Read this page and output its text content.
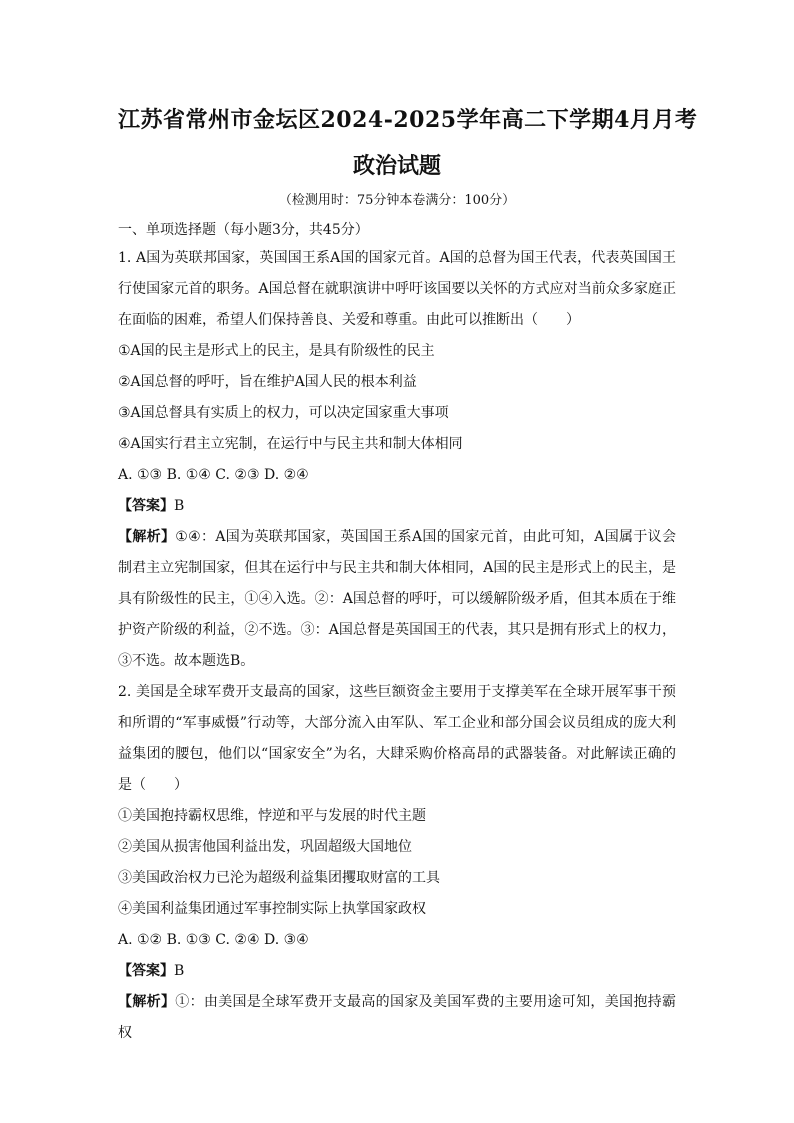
江苏省常州市金坛区2024-2025学年高二下学期4月月考
政治试题
（检测用时：75分钟本卷满分：100分）
一、单项选择题（每小题3分，共45分）

1. A国为英联邦国家，英国国王系A国的国家元首。A国的总督为国王代表，代表英国国王行使国家元首的职务。A国总督在就职演讲中呼吁该国要以关怀的方式应对当前众多家庭正在面临的困难，希望人们保持善良、关爱和尊重。由此可以推断出（　　）

①A国的民主是形式上的民主，是具有阶级性的民主

②A国总督的呼吁，旨在维护A国人民的根本利益

③A国总督具有实质上的权力，可以决定国家重大事项

④A国实行君主立宪制，在运行中与民主共和制大体相同

A. ①③ B. ①④ C. ②③ D. ②④

【答案】B

【解析】①④：A国为英联邦国家，英国国王系A国的国家元首，由此可知，A国属于议会制君主立宪制国家，但其在运行中与民主共和制大体相同，A国的民主是形式上的民主，是具有阶级性的民主，①④入选。②：A国总督的呼吁，可以缓解阶级矛盾，但其本质在于维护资产阶级的利益，②不选。③：A国总督是英国国王的代表，其只是拥有形式上的权力，③不选。故本题选B。

2. 美国是全球军费开支最高的国家，这些巨额资金主要用于支撑美军在全球开展军事干预和所谓的“军事威慑”行动等，大部分流入由军队、军工企业和部分国会议员组成的庞大利益集团的腰包，他们以“国家安全”为名，大肆采购价格高昂的武器装备。对此解读正确的是（　　）

①美国抱持霸权思维，悖逆和平与发展的时代主题

②美国从损害他国利益出发，巩固超级大国地位

③美国政治权力已沦为超级利益集团攫取财富的工具

④美国利益集团通过军事控制实际上执掌国家政权

A. ①② B. ①③ C. ②④ D. ③④

【答案】B

【解析】①：由美国是全球军费开支最高的国家及美国军费的主要用途可知，美国抱持霸权
